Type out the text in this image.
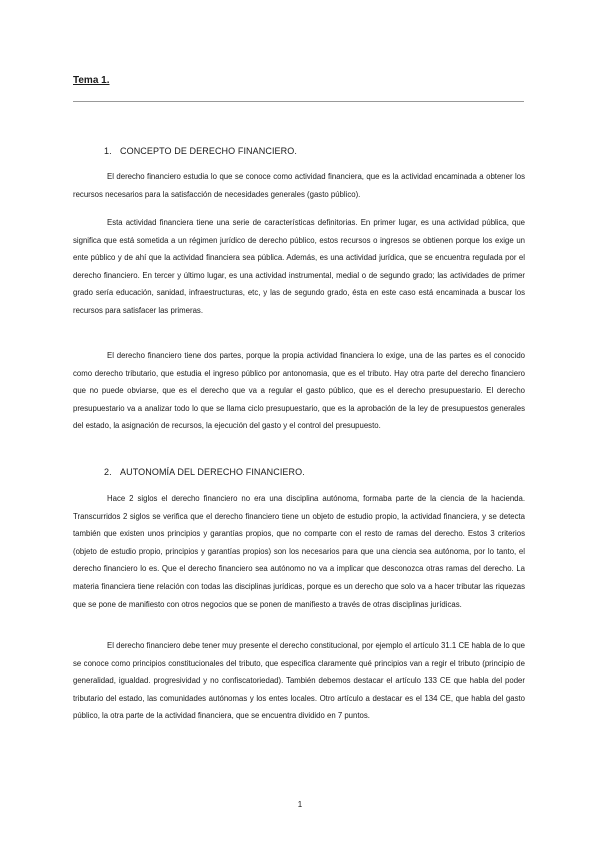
Tema 1.
1. CONCEPTO DE DERECHO FINANCIERO.

El derecho financiero estudia lo que se conoce como actividad financiera, que es la actividad encaminada a obtener los recursos necesarios para la satisfacción de necesidades generales (gasto público).

Esta actividad financiera tiene una serie de características definitorias. En primer lugar, es una actividad pública, que significa que está sometida a un régimen jurídico de derecho público, estos recursos o ingresos se obtienen porque los exige un ente público y de ahí que la actividad financiera sea pública. Además, es una actividad jurídica, que se encuentra regulada por el derecho financiero. En tercer y último lugar, es una actividad instrumental, medial o de segundo grado; las actividades de primer grado sería educación, sanidad, infraestructuras, etc, y las de segundo grado, ésta en este caso está encaminada a buscar los recursos para satisfacer las primeras.

El derecho financiero tiene dos partes, porque la propia actividad financiera lo exige, una de las partes es el conocido como derecho tributario, que estudia el ingreso público por antonomasia, que es el tributo. Hay otra parte del derecho financiero que no puede obviarse, que es el derecho que va a regular el gasto público, que es el derecho presupuestario. El derecho presupuestario va a analizar todo lo que se llama ciclo presupuestario, que es la aprobación de la ley de presupuestos generales del estado, la asignación de recursos, la ejecución del gasto y el control del presupuesto.

2. AUTONOMÍA DEL DERECHO FINANCIERO.

Hace 2 siglos el derecho financiero no era una disciplina autónoma, formaba parte de la ciencia de la hacienda. Transcurridos 2 siglos se verifica que el derecho financiero tiene un objeto de estudio propio, la actividad financiera, y se detecta también que existen unos principios y garantías propios, que no comparte con el resto de ramas del derecho. Estos 3 criterios (objeto de estudio propio, principios y garantías propios) son los necesarios para que una ciencia sea autónoma, por lo tanto, el derecho financiero lo es. Que el derecho financiero sea autónomo no va a implicar que desconozca otras ramas del derecho. La materia financiera tiene relación con todas las disciplinas jurídicas, porque es un derecho que solo va a hacer tributar las riquezas que se pone de manifiesto con otros negocios que se ponen de manifiesto a través de otras disciplinas jurídicas.

El derecho financiero debe tener muy presente el derecho constitucional, por ejemplo el artículo 31.1 CE habla de lo que se conoce como principios constitucionales del tributo, que especifica claramente qué principios van a regir el tributo (principio de generalidad, igualdad. progresividad y no confiscatoriedad). También debemos destacar el artículo 133 CE que habla del poder tributario del estado, las comunidades autónomas y los entes locales. Otro artículo a destacar es el 134 CE, que habla del gasto público, la otra parte de la actividad financiera, que se encuentra dividido en 7 puntos.

1
